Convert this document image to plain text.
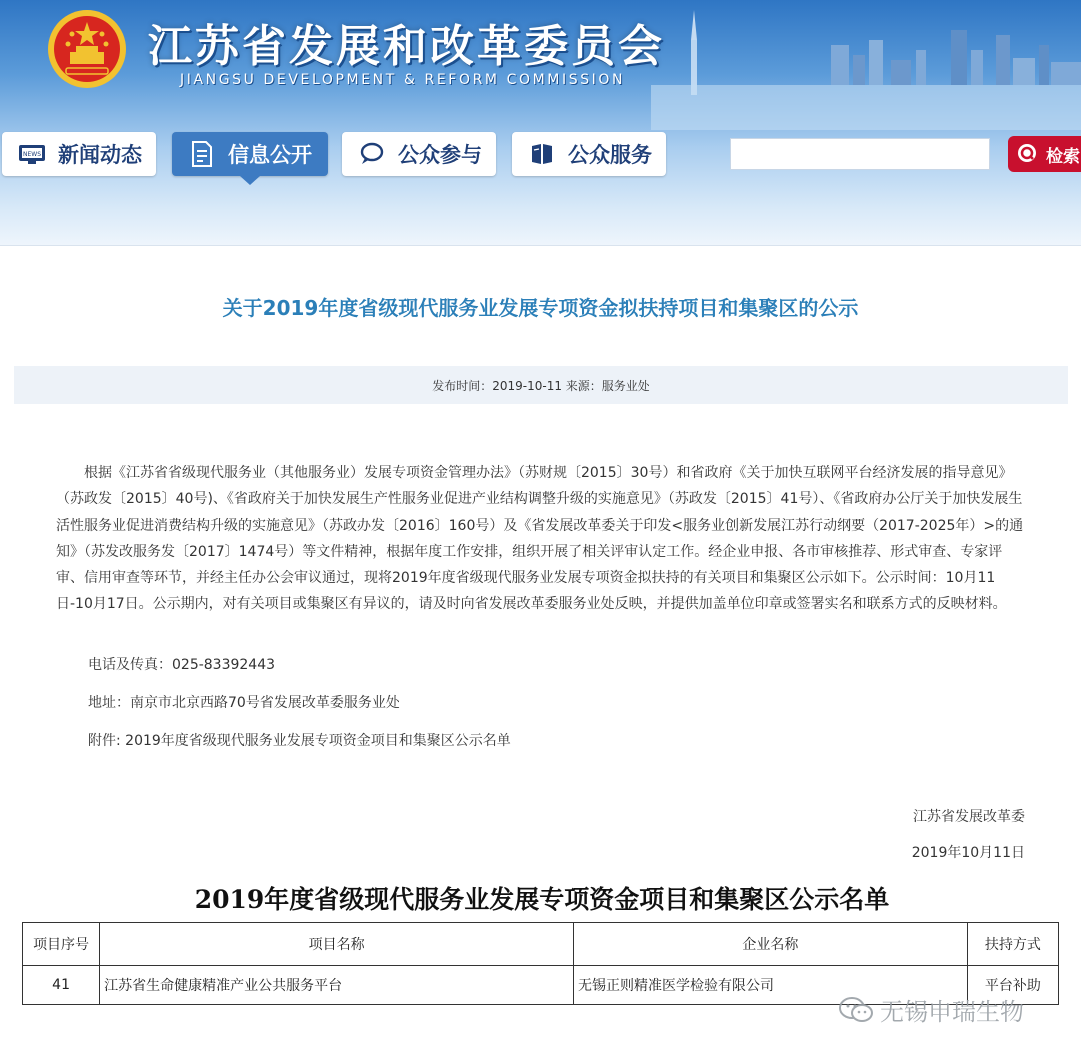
江苏省发展和改革委员会
JIANGSU DEVELOPMENT & REFORM COMMISSION
NEWS 新闻动态	信息公开	公众参与	公众服务	检索
关于2019年度省级现代服务业发展专项资金拟扶持项目和集聚区的公示
发布时间：2019-10-11 来源：服务业处

根据《江苏省省级现代服务业（其他服务业）发展专项资金管理办法》（苏财规〔2015〕30号）和省政府《关于加快互联网平台经济发展的指导意见》（苏政发〔2015〕40号)、《省政府关于加快发展生产性服务业促进产业结构调整升级的实施意见》（苏政发〔2015〕41号）、《省政府办公厅关于加快发展生活性服务业促进消费结构升级的实施意见》（苏政办发〔2016〕160号）及《省发展改革委关于印发<服务业创新发展江苏行动纲要（2017-2025年）>的通知》（苏发改服务发〔2017〕1474号）等文件精神，根据年度工作安排，组织开展了相关评审认定工作。经企业申报、各市审核推荐、形式审查、专家评审、信用审查等环节，并经主任办公会审议通过，现将2019年度省级现代服务业发展专项资金拟扶持的有关项目和集聚区公示如下。公示时间：10月11日-10月17日。公示期内，对有关项目或集聚区有异议的，请及时向省发展改革委服务业处反映，并提供加盖单位印章或签署实名和联系方式的反映材料。

电话及传真：025-83392443
地址：南京市北京西路70号省发展改革委服务业处
附件: 2019年度省级现代服务业发展专项资金项目和集聚区公示名单
江苏省发展改革委
2019年10月11日
2019年度省级现代服务业发展专项资金项目和集聚区公示名单
项目序号	项目名称	企业名称	扶持方式
41	江苏省生命健康精准产业公共服务平台	无锡正则精准医学检验有限公司	平台补助
无锡申瑞生物
